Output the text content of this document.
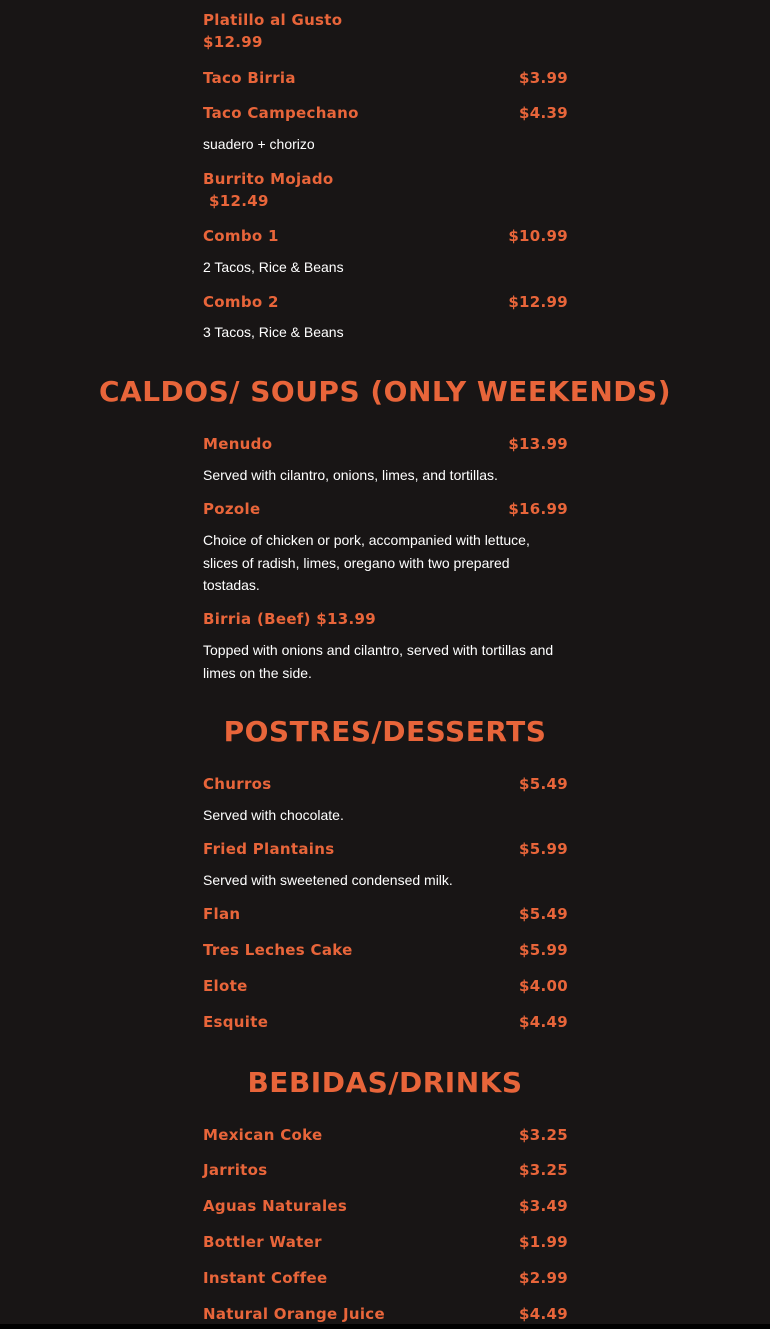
Platillo al Gusto
$12.99
Taco Birria	$3.99
Taco Campechano	$4.39
suadero + chorizo
Burrito Mojado
$12.49
Combo 1	$10.99
2 Tacos, Rice & Beans
Combo 2	$12.99
3 Tacos, Rice & Beans
CALDOS/ SOUPS (ONLY WEEKENDS)
Menudo	$13.99
Served with cilantro, onions, limes, and tortillas.
Pozole	$16.99
Choice of chicken or pork, accompanied with lettuce, slices of radish, limes, oregano with two prepared tostadas.
Birria (Beef) $13.99
Topped with onions and cilantro, served with tortillas and limes on the side.
POSTRES/DESSERTS
Churros	$5.49
Served with chocolate.
Fried Plantains	$5.99
Served with sweetened condensed milk.
Flan	$5.49
Tres Leches Cake	$5.99
Elote	$4.00
Esquite	$4.49
BEBIDAS/DRINKS
Mexican Coke	$3.25
Jarritos	$3.25
Aguas Naturales	$3.49
Bottler Water	$1.99
Instant Coffee	$2.99
Natural Orange Juice	$4.49
